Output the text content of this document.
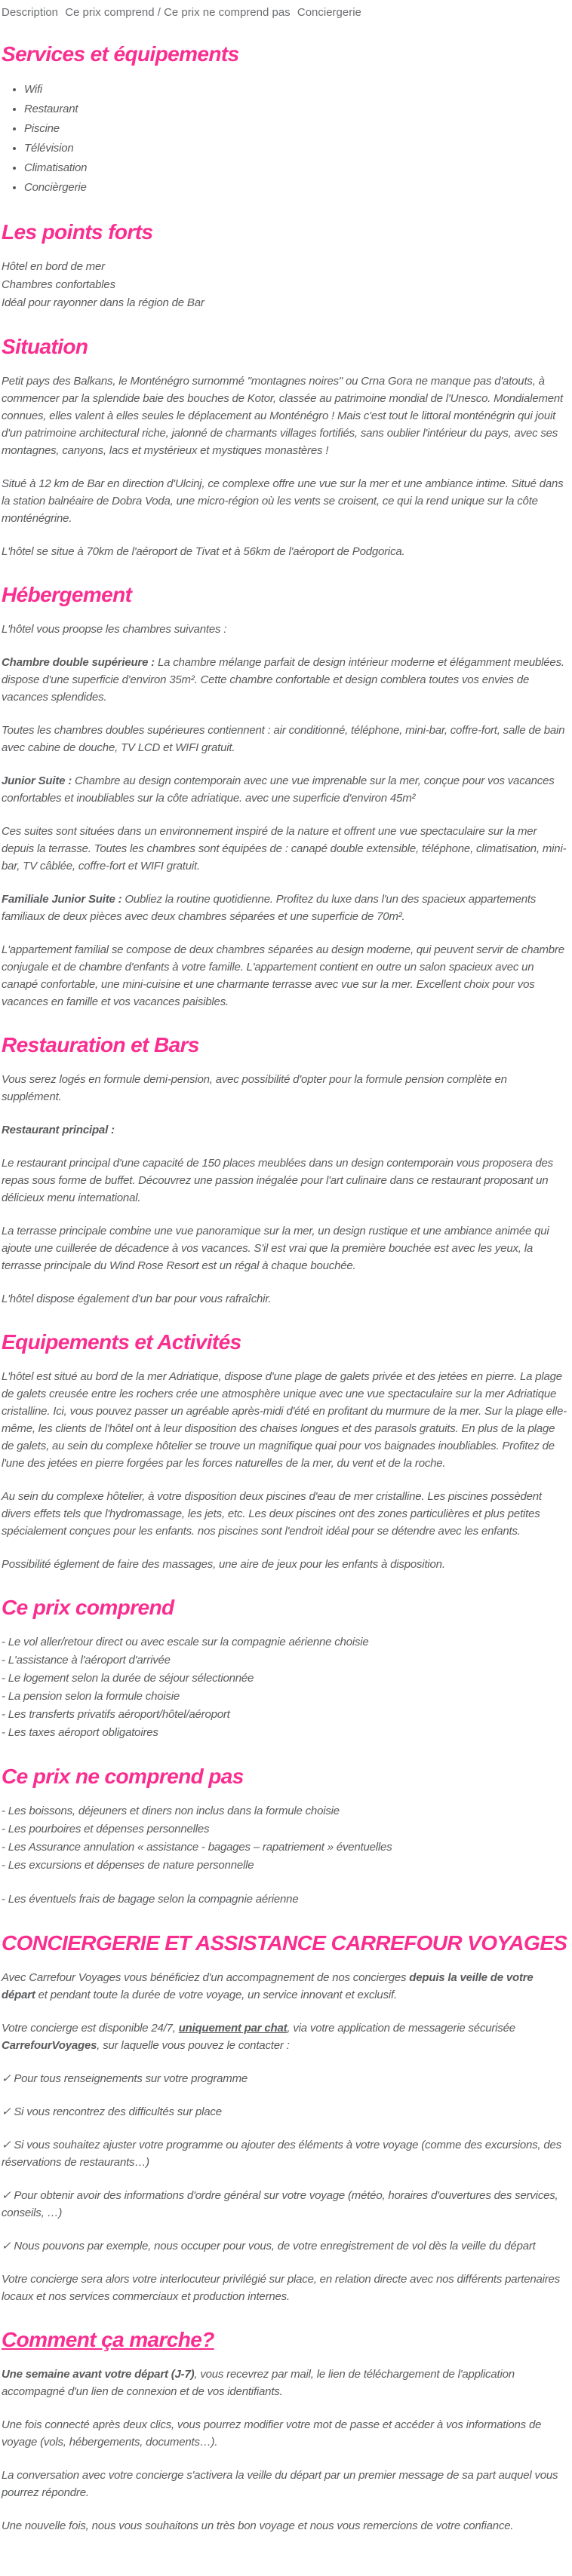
Description Ce prix comprend / Ce prix ne comprend pas Conciergerie
Services et équipements
• Wifi
• Restaurant
• Piscine
• Télévision
• Climatisation
• Concièrgerie
Les points forts
Hôtel en bord de mer
Chambres confortables
Idéal pour rayonner dans la région de Bar
Situation

Petit pays des Balkans, le Monténégro surnommé "montagnes noires" ou Crna Gora ne manque pas d'atouts, à commencer par la splendide baie des bouches de Kotor, classée au patrimoine mondial de l'Unesco. Mondialement connues, elles valent à elles seules le déplacement au Monténégro ! Mais c'est tout le littoral monténégrin qui jouit d'un patrimoine architectural riche, jalonné de charmants villages fortifiés, sans oublier l'intérieur du pays, avec ses montagnes, canyons, lacs et mystérieux et mystiques monastères !

Situé à 12 km de Bar en direction d'Ulcinj, ce complexe offre une vue sur la mer et une ambiance intime. Situé dans la station balnéaire de Dobra Voda, une micro-région où les vents se croisent, ce qui la rend unique sur la côte monténégrine.

L'hôtel se situe à 70km de l'aéroport de Tivat et à 56km de l'aéroport de Podgorica.

Hébergement

L'hôtel vous proopse les chambres suivantes :

Chambre double supérieure : La chambre mélange parfait de design intérieur moderne et élégamment meublées. dispose d'une superficie d'environ 35m². Cette chambre confortable et design comblera toutes vos envies de vacances splendides.

Toutes les chambres doubles supérieures contiennent : air conditionné, téléphone, mini-bar, coffre-fort, salle de bain avec cabine de douche, TV LCD et WIFI gratuit.

Junior Suite : Chambre au design contemporain avec une vue imprenable sur la mer, conçue pour vos vacances confortables et inoubliables sur la côte adriatique. avec une superficie d'environ 45m²

Ces suites sont situées dans un environnement inspiré de la nature et offrent une vue spectaculaire sur la mer depuis la terrasse. Toutes les chambres sont équipées de : canapé double extensible, téléphone, climatisation, mini-bar, TV câblée, coffre-fort et WIFI gratuit.

Familiale Junior Suite : Oubliez la routine quotidienne. Profitez du luxe dans l'un des spacieux appartements familiaux de deux pièces avec deux chambres séparées et une superficie de 70m².

L'appartement familial se compose de deux chambres séparées au design moderne, qui peuvent servir de chambre conjugale et de chambre d'enfants à votre famille. L'appartement contient en outre un salon spacieux avec un canapé confortable, une mini-cuisine et une charmante terrasse avec vue sur la mer. Excellent choix pour vos vacances en famille et vos vacances paisibles.

Restauration et Bars

Vous serez logés en formule demi-pension, avec possibilité d'opter pour la formule pension complète en supplément.

Restaurant principal :

Le restaurant principal d'une capacité de 150 places meublées dans un design contemporain vous proposera des repas sous forme de buffet. Découvrez une passion inégalée pour l'art culinaire dans ce restaurant proposant un délicieux menu international.

La terrasse principale combine une vue panoramique sur la mer, un design rustique et une ambiance animée qui ajoute une cuillerée de décadence à vos vacances. S'il est vrai que la première bouchée est avec les yeux, la terrasse principale du Wind Rose Resort est un régal à chaque bouchée.

L'hôtel dispose également d'un bar pour vous rafraîchir.

Equipements et Activités

L'hôtel est situé au bord de la mer Adriatique, dispose d'une plage de galets privée et des jetées en pierre. La plage de galets creusée entre les rochers crée une atmosphère unique avec une vue spectaculaire sur la mer Adriatique cristalline. Ici, vous pouvez passer un agréable après-midi d'été en profitant du murmure de la mer. Sur la plage elle-même, les clients de l'hôtel ont à leur disposition des chaises longues et des parasols gratuits. En plus de la plage de galets, au sein du complexe hôtelier se trouve un magnifique quai pour vos baignades inoubliables. Profitez de l'une des jetées en pierre forgées par les forces naturelles de la mer, du vent et de la roche.

Au sein du complexe hôtelier, à votre disposition deux piscines d'eau de mer cristalline. Les piscines possèdent divers effets tels que l'hydromassage, les jets, etc. Les deux piscines ont des zones particulières et plus petites spécialement conçues pour les enfants. nos piscines sont l'endroit idéal pour se détendre avec les enfants.

Possibilité églement de faire des massages, une aire de jeux pour les enfants à disposition.

Ce prix comprend
- Le vol aller/retour direct ou avec escale sur la compagnie aérienne choisie
- L'assistance à l'aéroport d'arrivée
- Le logement selon la durée de séjour sélectionnée
- La pension selon la formule choisie
- Les transferts privatifs aéroport/hôtel/aéroport
- Les taxes aéroport obligatoires
Ce prix ne comprend pas
- Les boissons, déjeuners et diners non inclus dans la formule choisie
- Les pourboires et dépenses personnelles
- Les Assurance annulation « assistance - bagages – rapatriement » éventuelles
- Les excursions et dépenses de nature personnelle
- Les éventuels frais de bagage selon la compagnie aérienne
CONCIERGERIE ET ASSISTANCE CARREFOUR VOYAGES

Avec Carrefour Voyages vous bénéficiez d'un accompagnement de nos concierges depuis la veille de votre départ et pendant toute la durée de votre voyage, un service innovant et exclusif.

Votre concierge est disponible 24/7, uniquement par chat, via votre application de messagerie sécurisée CarrefourVoyages, sur laquelle vous pouvez le contacter :

✓ Pour tous renseignements sur votre programme

✓ Si vous rencontrez des difficultés sur place

✓ Si vous souhaitez ajuster votre programme ou ajouter des éléments à votre voyage (comme des excursions, des réservations de restaurants…)

✓ Pour obtenir avoir des informations d'ordre général sur votre voyage (météo, horaires d'ouvertures des services, conseils, …)

✓ Nous pouvons par exemple, nous occuper pour vous, de votre enregistrement de vol dès la veille du départ

Votre concierge sera alors votre interlocuteur privilégié sur place, en relation directe avec nos différents partenaires locaux et nos services commerciaux et production internes.

Comment ça marche?

Une semaine avant votre départ (J-7), vous recevrez par mail, le lien de téléchargement de l'application accompagné d'un lien de connexion et de vos identifiants.

Une fois connecté après deux clics, vous pourrez modifier votre mot de passe et accéder à vos informations de voyage (vols, hébergements, documents…).

La conversation avec votre concierge s'activera la veille du départ par un premier message de sa part auquel vous pourrez répondre.

Une nouvelle fois, nous vous souhaitons un très bon voyage et nous vous remercions de votre confiance.
